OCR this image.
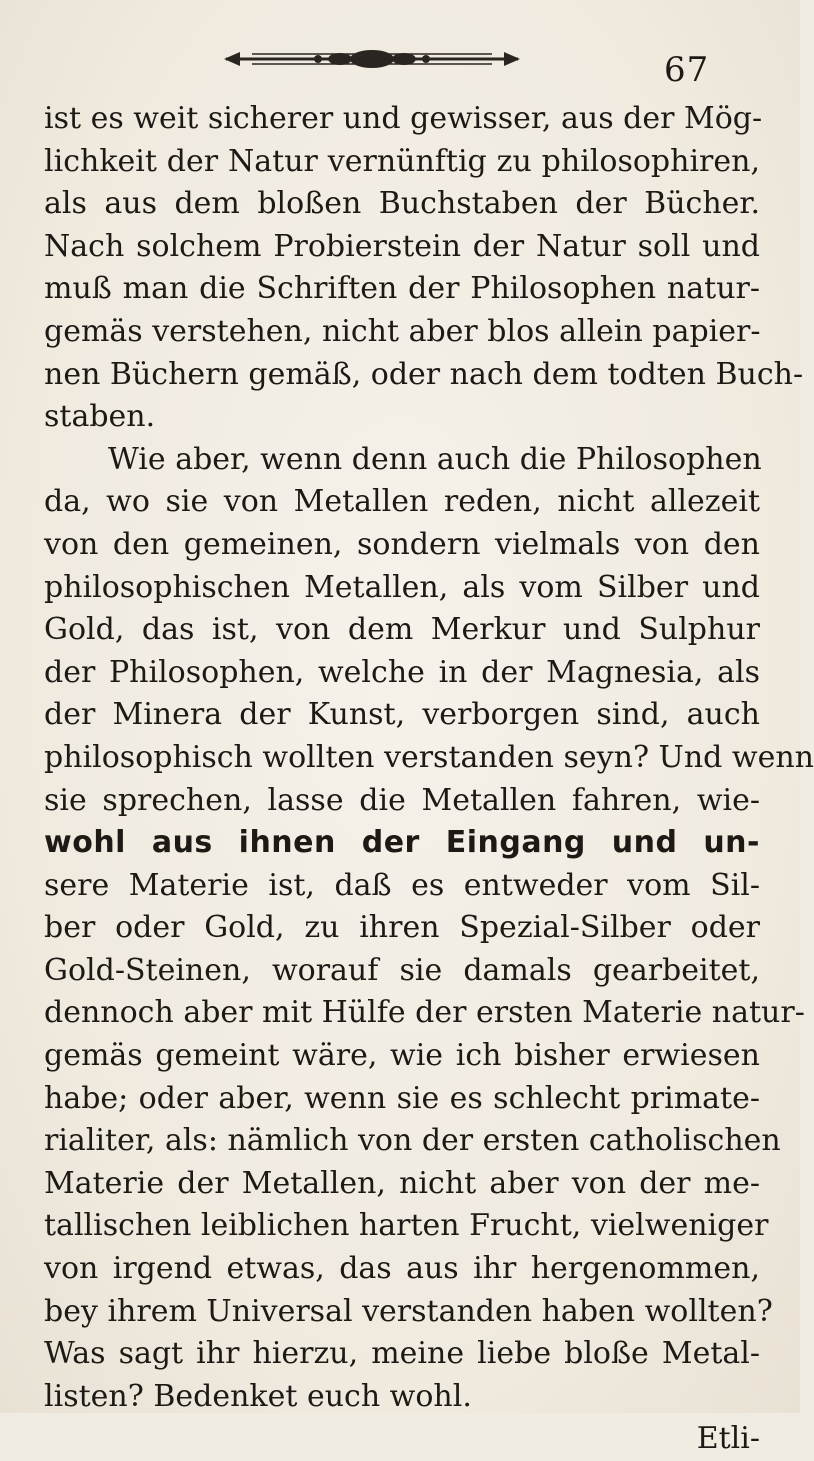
67
ist es weit sicherer und gewisser, aus der Mög-
lichkeit der Natur vernünftig zu philosophiren,
als aus dem bloßen Buchstaben der Bücher.
Nach solchem Probierstein der Natur soll und
muß man die Schriften der Philosophen natur-
gemäs verstehen, nicht aber blos allein papier-
nen Büchern gemäß, oder nach dem todten Buch-
staben.
Wie aber, wenn denn auch die Philosophen
da, wo sie von Metallen reden, nicht allezeit
von den gemeinen, sondern vielmals von den
philosophischen Metallen, als vom Silber und
Gold, das ist, von dem Merkur und Sulphur
der Philosophen, welche in der Magnesia, als
der Minera der Kunst, verborgen sind, auch
philosophisch wollten verstanden seyn? Und wenn
sie sprechen, lasse die Metallen fahren, wie-
wohl aus ihnen der Eingang und un-
sere Materie ist, daß es entweder vom Sil-
ber oder Gold, zu ihren Spezial-Silber oder
Gold-Steinen, worauf sie damals gearbeitet,
dennoch aber mit Hülfe der ersten Materie natur-
gemäs gemeint wäre, wie ich bisher erwiesen
habe; oder aber, wenn sie es schlecht primate-
rialiter, als: nämlich von der ersten catholischen
Materie der Metallen, nicht aber von der me-
tallischen leiblichen harten Frucht, vielweniger
von irgend etwas, das aus ihr hergenommen,
bey ihrem Universal verstanden haben wollten?
Was sagt ihr hierzu, meine liebe bloße Metal-
listen? Bedenket euch wohl.
Etli-
